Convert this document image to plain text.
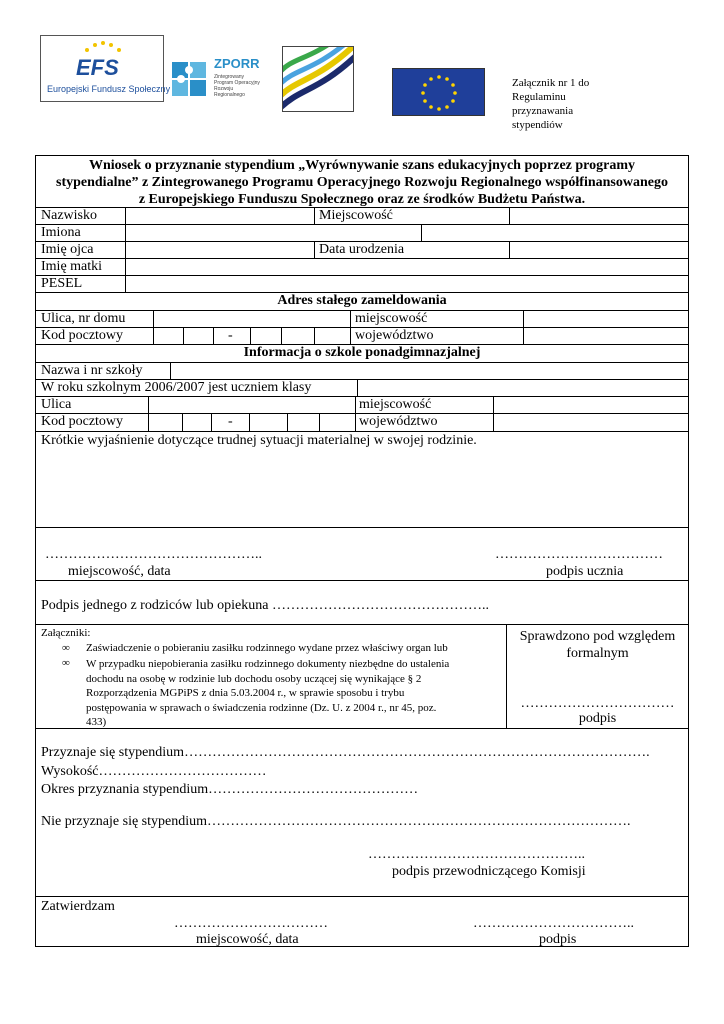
EFS
Europejski Fundusz Społeczny
ZPORR
Zintegrowany Program Operacyjny Rozwoju Regionalnego
Załącznik nr 1 do
Regulaminu
przyznawania
stypendiów
Wniosek o przyznanie stypendium „Wyrównywanie szans edukacyjnych poprzez programy
stypendialne” z Zintegrowanego Programu Operacyjnego Rozwoju Regionalnego współfinansowanego
z Europejskiego Funduszu Społecznego oraz ze środków Budżetu Państwa.
Nazwisko	Miejscowość
Imiona
Imię ojca	Data urodzenia
Imię matki
PESEL
Adres stałego zameldowania
Ulica, nr domu	miejscowość
Kod pocztowy	-	województwo
Informacja o szkole ponadgimnazjalnej
Nazwa i nr szkoły
W roku szkolnym 2006/2007 jest uczniem klasy
Ulica	miejscowość
Kod pocztowy	-	województwo
Krótkie wyjaśnienie dotyczące trudnej sytuacji materialnej w swojej rodzinie.
………………………………………..	………………………………
miejscowość, data	podpis ucznia
Podpis jednego z rodziców lub opiekuna ………………………………………..
Załączniki:
∞ Zaświadczenie o pobieraniu zasiłku rodzinnego wydane przez właściwy organ lub
∞ W przypadku niepobierania zasiłku rodzinnego dokumenty niezbędne do ustalenia
dochodu na osobę w rodzinie lub dochodu osoby uczącej się wynikające § 2
Rozporządzenia MGPiPS z dnia 5.03.2004 r., w sprawie sposobu i trybu
postępowania w sprawach o świadczenia rodzinne (Dz. U. z 2004 r., nr 45, poz.
433)
Sprawdzono pod względem
formalnym
……………………………
podpis
Przyznaje się stypendium……………………………………………………………………………………….
Wysokość………………………………
Okres przyznania stypendium………………………………………
Nie przyznaje się stypendium……………………………………………………………………………….
………………………………………..
podpis przewodniczącego Komisji
Zatwierdzam
……………………………	……………………………..
miejscowość, data	podpis
